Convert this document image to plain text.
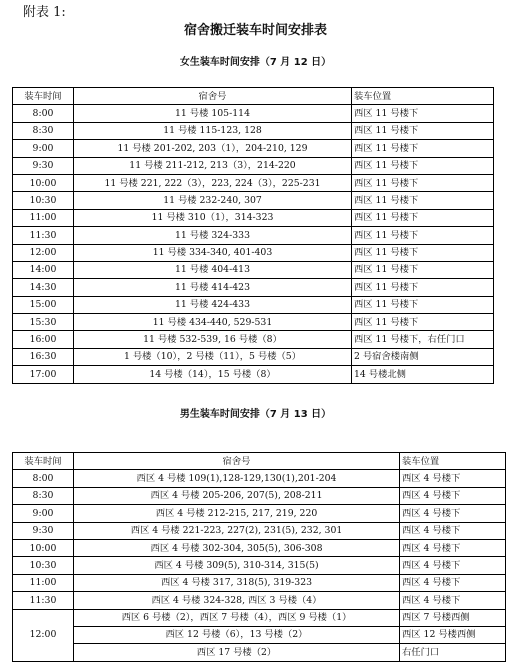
附表 1:
宿舍搬迁装车时间安排表
女生装车时间安排（7 月 12 日）
装车时间	宿舍号	装车位置
8:00	11 号楼 105-114	西区 11 号楼下
8:30	11 号楼 115-123, 128	西区 11 号楼下
9:00	11 号楼 201-202, 203（1），204-210, 129	西区 11 号楼下
9:30	11 号楼 211-212, 213（3），214-220	西区 11 号楼下
10:00	11 号楼 221, 222（3），223, 224（3），225-231	西区 11 号楼下
10:30	11 号楼 232-240, 307	西区 11 号楼下
11:00	11 号楼 310（1），314-323	西区 11 号楼下
11:30	11 号楼 324-333	西区 11 号楼下
12:00	11 号楼 334-340, 401-403	西区 11 号楼下
14:00	11 号楼 404-413	西区 11 号楼下
14:30	11 号楼 414-423	西区 11 号楼下
15:00	11 号楼 424-433	西区 11 号楼下
15:30	11 号楼 434-440, 529-531	西区 11 号楼下
16:00	11 号楼 532-539, 16 号楼（8）	西区 11 号楼下，右任门口
16:30	1 号楼（10），2 号楼（11），5 号楼（5）	2 号宿舍楼南侧
17:00	14 号楼（14），15 号楼（8）	14 号楼北侧
男生装车时间安排（7 月 13 日）
装车时间	宿舍号	装车位置
8:00	西区 4 号楼 109(1),128-129,130(1),201-204	西区 4 号楼下
8:30	西区 4 号楼 205-206, 207(5), 208-211	西区 4 号楼下
9:00	西区 4 号楼 212-215, 217, 219, 220	西区 4 号楼下
9:30	西区 4 号楼 221-223, 227(2), 231(5), 232, 301	西区 4 号楼下
10:00	西区 4 号楼 302-304, 305(5), 306-308	西区 4 号楼下
10:30	西区 4 号楼 309(5), 310-314, 315(5)	西区 4 号楼下
11:00	西区 4 号楼 317, 318(5), 319-323	西区 4 号楼下
11:30	西区 4 号楼 324-328, 西区 3 号楼（4）	西区 4 号楼下
12:00	西区 6 号楼（2），西区 7 号楼（4），西区 9 号楼（1）	西区 7 号楼西侧
	西区 12 号楼（6），13 号楼（2）	西区 12 号楼西侧
	西区 17 号楼（2）	右任门口
